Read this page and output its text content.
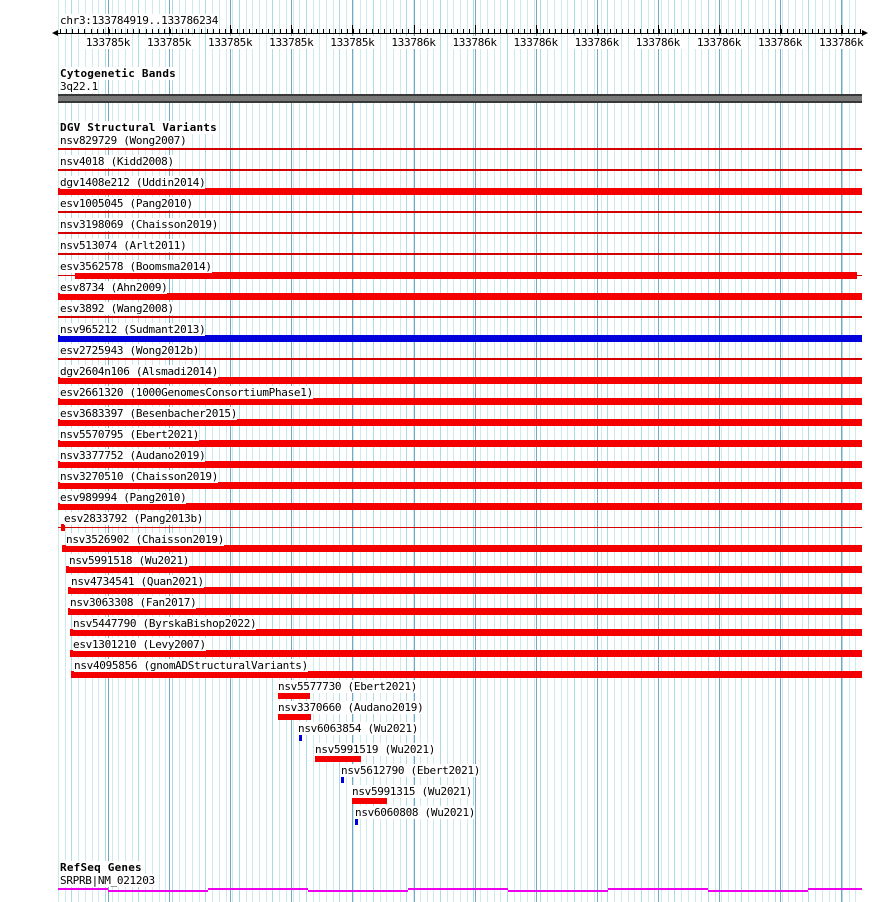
chr3:133784919..133786234
133785k 133785k 133785k 133785k 133785k 133786k 133786k 133786k 133786k 133786k 133786k 133786k 133786k
Cytogenetic Bands
3q22.1
DGV Structural Variants
nsv829729 (Wong2007)
nsv4018 (Kidd2008)
dgv1408e212 (Uddin2014)
esv1005045 (Pang2010)
nsv3198069 (Chaisson2019)
nsv513074 (Arlt2011)
esv3562578 (Boomsma2014)
esv8734 (Ahn2009)
esv3892 (Wang2008)
nsv965212 (Sudmant2013)
esv2725943 (Wong2012b)
dgv2604n106 (Alsmadi2014)
esv2661320 (1000GenomesConsortiumPhase1)
esv3683397 (Besenbacher2015)
nsv5570795 (Ebert2021)
nsv3377752 (Audano2019)
nsv3270510 (Chaisson2019)
esv989994 (Pang2010)
esv2833792 (Pang2013b)
nsv3526902 (Chaisson2019)
nsv5991518 (Wu2021)
nsv4734541 (Quan2021)
nsv3063308 (Fan2017)
nsv5447790 (ByrskaBishop2022)
esv1301210 (Levy2007)
nsv4095856 (gnomADStructuralVariants)
nsv5577730 (Ebert2021)
nsv3370660 (Audano2019)
nsv6063854 (Wu2021)
nsv5991519 (Wu2021)
nsv5612790 (Ebert2021)
nsv5991315 (Wu2021)
nsv6060808 (Wu2021)
RefSeq Genes
SRPRB|NM_021203
